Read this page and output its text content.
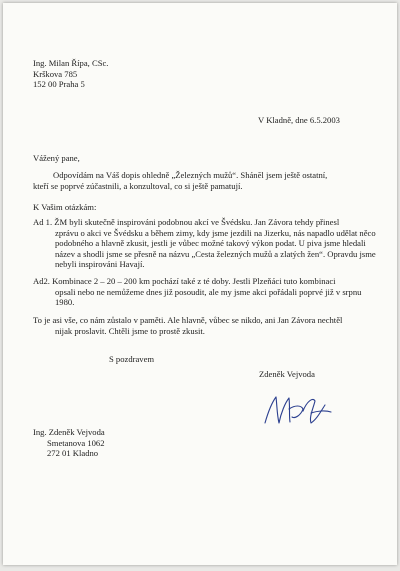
Ing. Milan Řípa, CSc.
Krškova 785
152 00 Praha 5
V Kladně, dne 6.5.2003
Vážený pane,
Odpovídám na Váš dopis ohledně „Železných mužů“. Shánĕl jsem ještě ostatní,
kteří se poprvé zúčastnili, a konzultoval, co si ještě pamatují.
K Vašim otázkám:
Ad 1. ŽM byli skutečně inspirováni podobnou akcí ve Švédsku. Jan Závora tehdy přinesl
zprávu o akci ve Švédsku a během zimy, kdy jsme jezdili na Jizerku, nás napadlo udělat něco
podobného a hlavně zkusit, jestli je vůbec možné takový výkon podat. U piva jsme hledali
název a shodli jsme se přesně na názvu „Cesta železných mužů a zlatých žen“. Opravdu jsme
nebyli inspirováni Havají.
Ad2. Kombinace 2 – 20 – 200 km pochází také z té doby. Jestli Plzeňáci tuto kombinaci
opsali nebo ne nemůžeme dnes již posoudit, ale my jsme akci pořádali poprvé již v srpnu
1980.
To je asi vše, co nám zůstalo v paměti. Ale hlavně, vůbec se nikdo, ani Jan Závora nechtěl
nijak proslavit. Chtěli jsme to prostě zkusit.
S pozdravem
Zdeněk Vejvoda
Ing. Zdeněk Vejvoda
Smetanova 1062
272 01 Kladno
